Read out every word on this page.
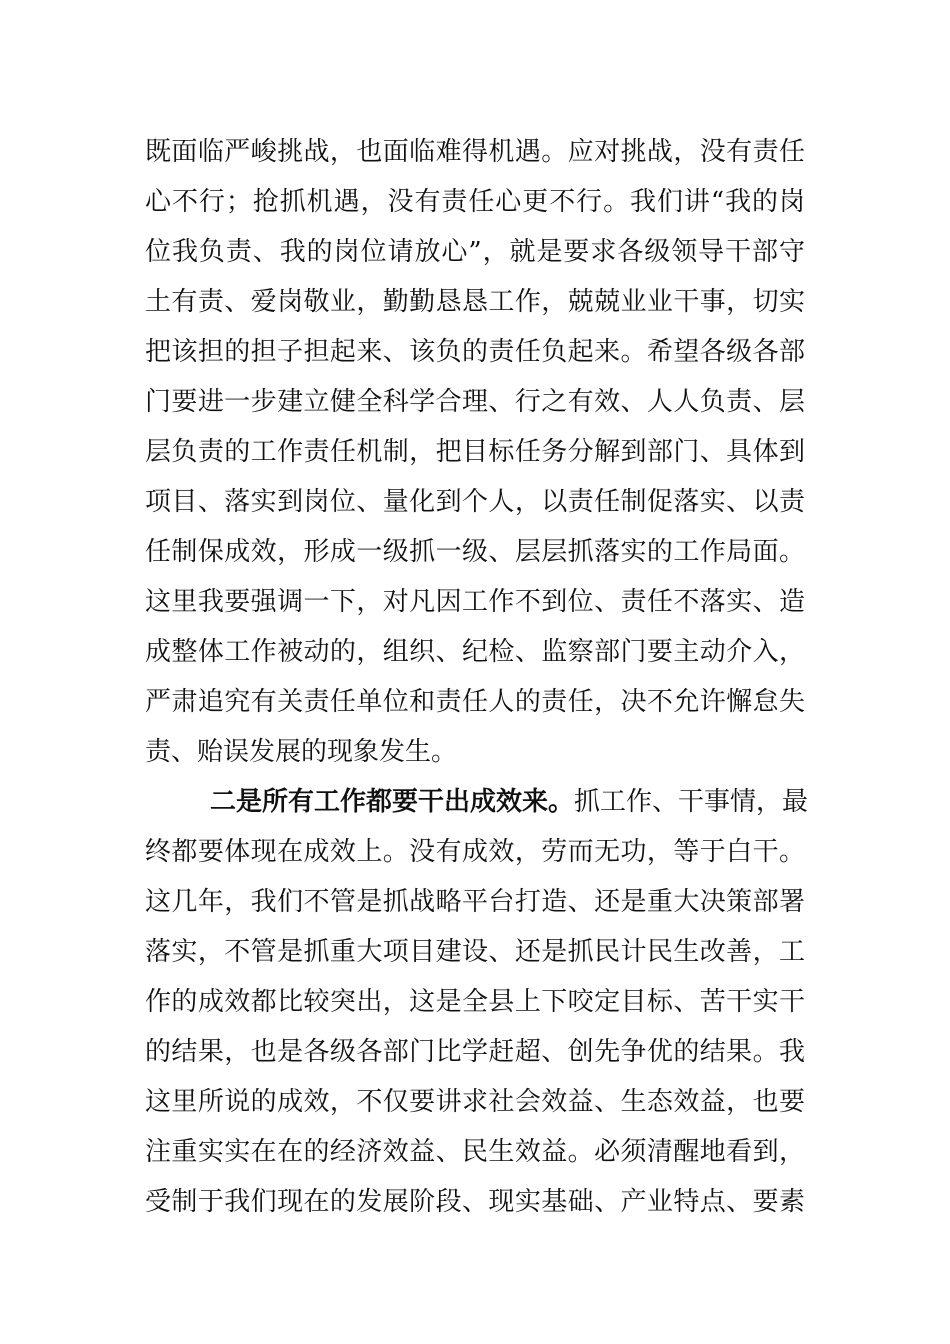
既面临严峻挑战，也面临难得机遇。应对挑战，没有责任
心不行；抢抓机遇，没有责任心更不行。我们讲“我的岗
位我负责、我的岗位请放心”，就是要求各级领导干部守
土有责、爱岗敬业，勤勤恳恳工作，兢兢业业干事，切实
把该担的担子担起来、该负的责任负起来。希望各级各部
门要进一步建立健全科学合理、行之有效、人人负责、层
层负责的工作责任机制，把目标任务分解到部门、具体到
项目、落实到岗位、量化到个人，以责任制促落实、以责
任制保成效，形成一级抓一级、层层抓落实的工作局面。
这里我要强调一下，对凡因工作不到位、责任不落实、造
成整体工作被动的，组织、纪检、监察部门要主动介入，
严肃追究有关责任单位和责任人的责任，决不允许懈怠失
责、贻误发展的现象发生。
二是所有工作都要干出成效来。抓工作、干事情，最
终都要体现在成效上。没有成效，劳而无功，等于白干。
这几年，我们不管是抓战略平台打造、还是重大决策部署
落实，不管是抓重大项目建设、还是抓民计民生改善，工
作的成效都比较突出，这是全县上下咬定目标、苦干实干
的结果，也是各级各部门比学赶超、创先争优的结果。我
这里所说的成效，不仅要讲求社会效益、生态效益，也要
注重实实在在的经济效益、民生效益。必须清醒地看到，
受制于我们现在的发展阶段、现实基础、产业特点、要素
